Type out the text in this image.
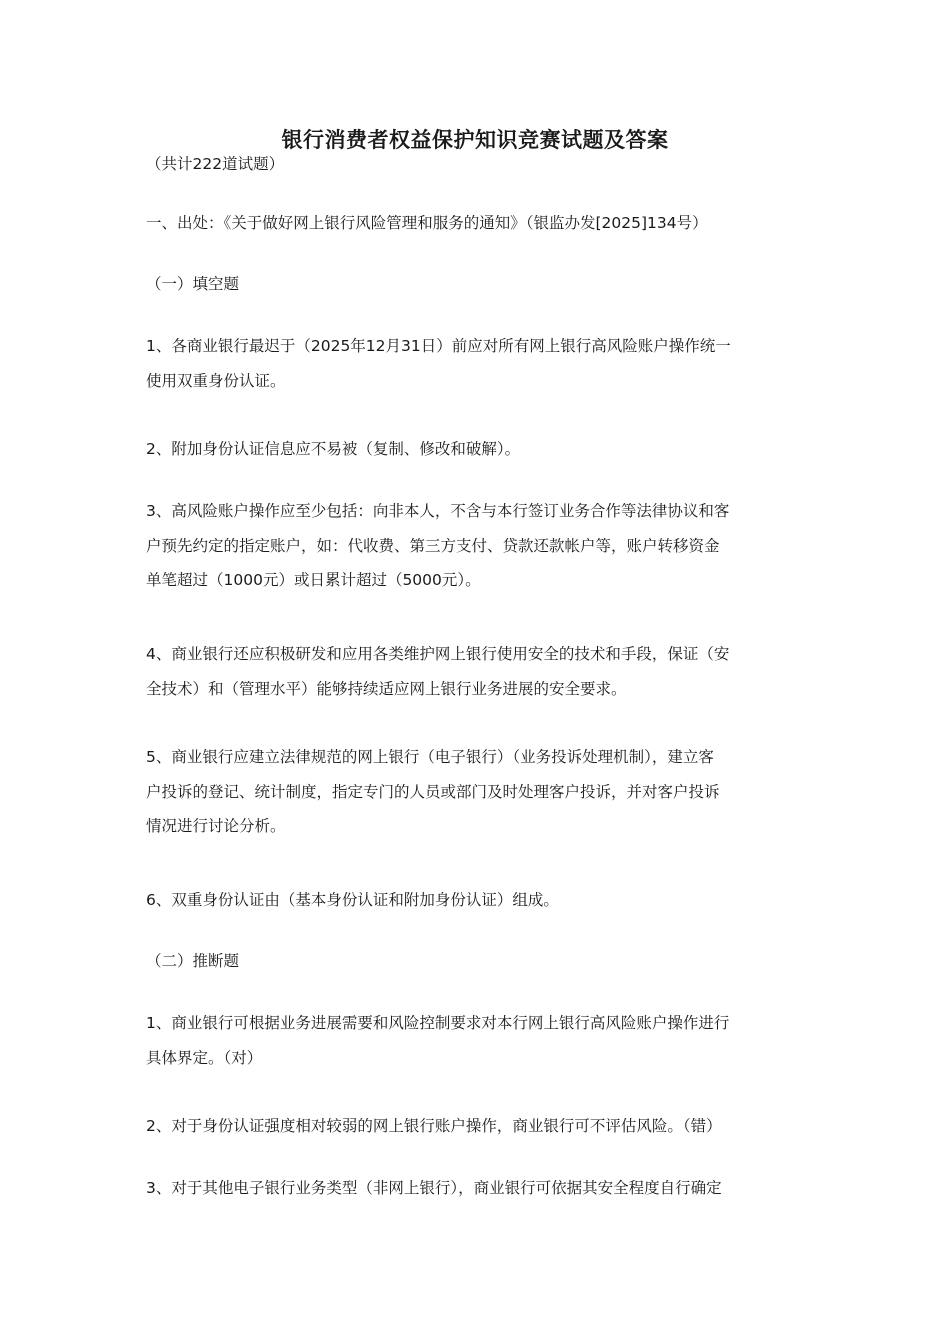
银行消费者权益保护知识竞赛试题及答案
（共计222道试题）
一、出处：《关于做好网上银行风险管理和服务的通知》（银监办发[2025]134号）
（一）填空题
1、各商业银行最迟于（2025年12月31日）前应对所有网上银行高风险账户操作统一
使用双重身份认证。
2、附加身份认证信息应不易被（复制、修改和破解）。
3、高风险账户操作应至少包括：向非本人，不含与本行签订业务合作等法律协议和客
户预先约定的指定账户，如：代收费、第三方支付、贷款还款帐户等，账户转移资金
单笔超过（1000元）或日累计超过（5000元）。
4、商业银行还应积极研发和应用各类维护网上银行使用安全的技术和手段，保证（安
全技术）和（管理水平）能够持续适应网上银行业务进展的安全要求。
5、商业银行应建立法律规范的网上银行（电子银行）（业务投诉处理机制），建立客
户投诉的登记、统计制度，指定专门的人员或部门及时处理客户投诉，并对客户投诉
情况进行讨论分析。
6、双重身份认证由（基本身份认证和附加身份认证）组成。
（二）推断题
1、商业银行可根据业务进展需要和风险控制要求对本行网上银行高风险账户操作进行
具体界定。（对）
2、对于身份认证强度相对较弱的网上银行账户操作，商业银行可不评估风险。（错）
3、对于其他电子银行业务类型（非网上银行），商业银行可依据其安全程度自行确定
